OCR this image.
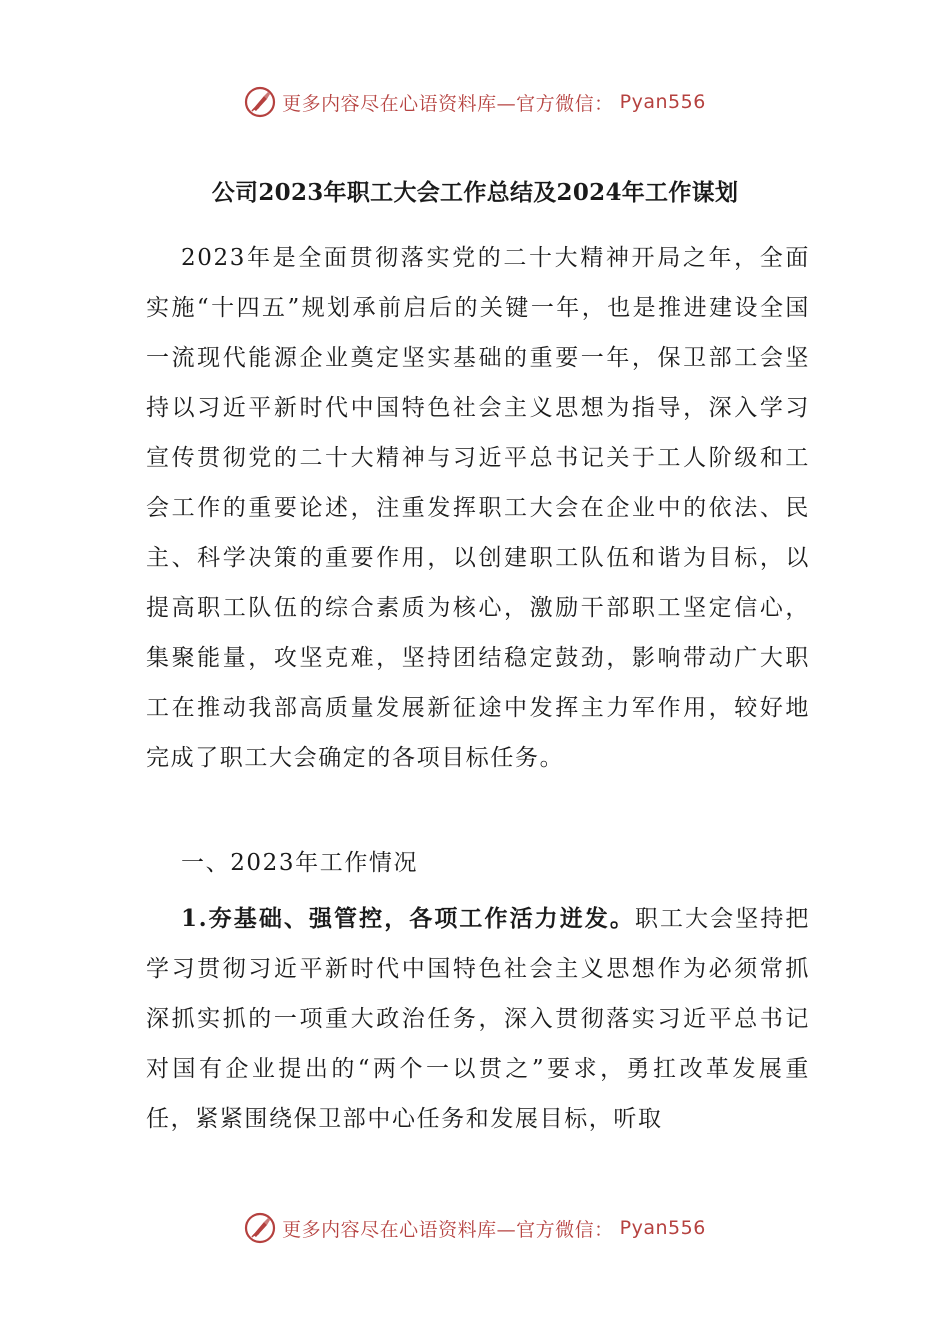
更多内容尽在心语资料库—官方微信： Pyan556
公司2023年职工大会工作总结及2024年工作谋划

2023年是全面贯彻落实党的二十大精神开局之年，全面实施“十四五”规划承前启后的关键一年，也是推进建设全国一流现代能源企业奠定坚实基础的重要一年，保卫部工会坚持以习近平新时代中国特色社会主义思想为指导，深入学习宣传贯彻党的二十大精神与习近平总书记关于工人阶级和工会工作的重要论述，注重发挥职工大会在企业中的依法、民主、科学决策的重要作用，以创建职工队伍和谐为目标，以提高职工队伍的综合素质为核心，激励干部职工坚定信心，集聚能量，攻坚克难，坚持团结稳定鼓劲，影响带动广大职工在推动我部高质量发展新征途中发挥主力军作用，较好地完成了职工大会确定的各项目标任务。

一、2023年工作情况

1.夯基础、强管控，各项工作活力迸发。职工大会坚持把学习贯彻习近平新时代中国特色社会主义思想作为必须常抓深抓实抓的一项重大政治任务，深入贯彻落实习近平总书记对国有企业提出的“两个一以贯之”要求，勇扛改革发展重任，紧紧围绕保卫部中心任务和发展目标，听取

更多内容尽在心语资料库—官方微信： Pyan556
